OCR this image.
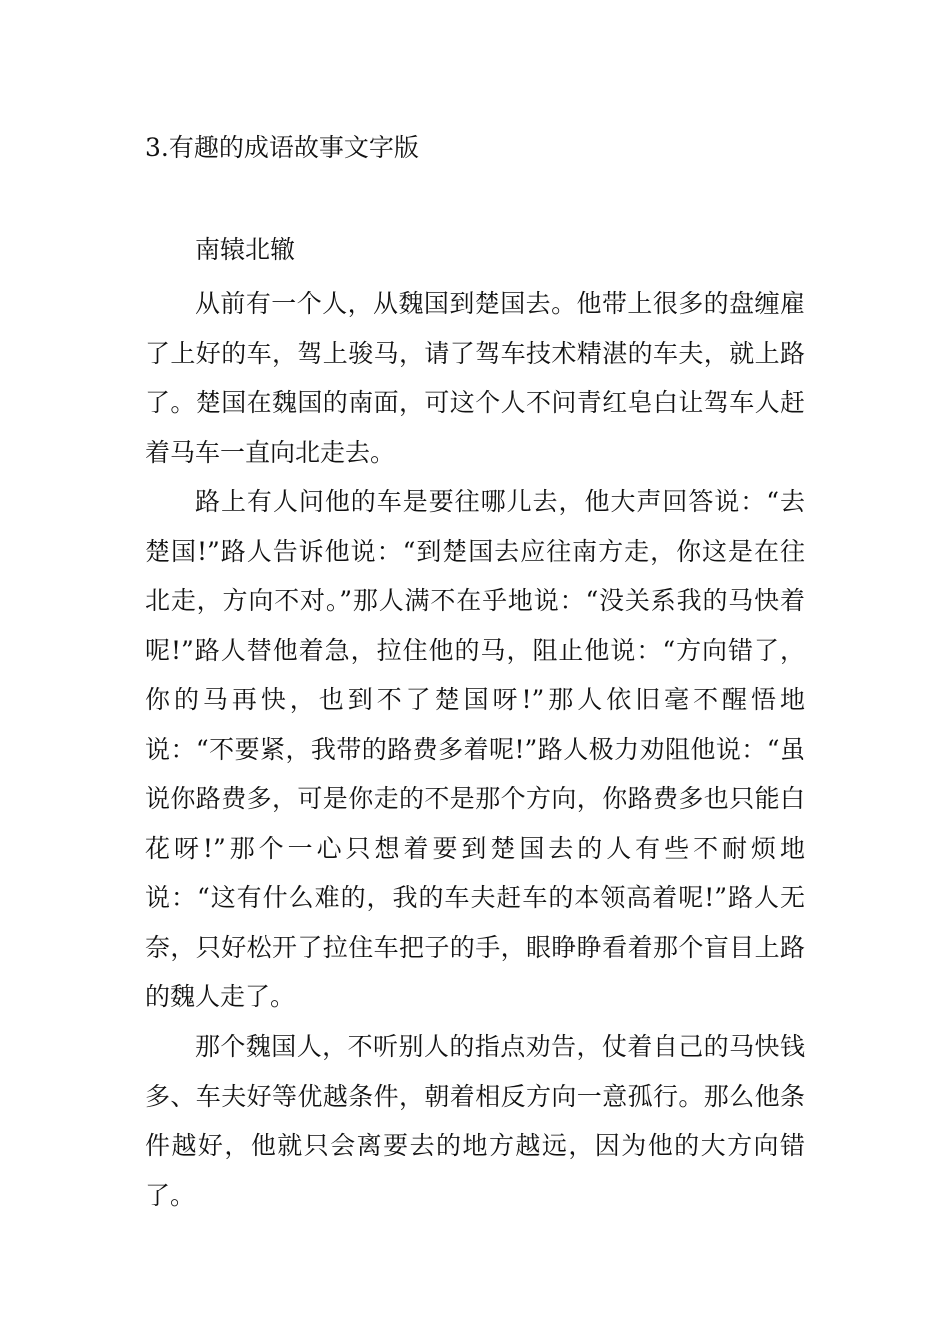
3.有趣的成语故事文字版
南辕北辙

从前有一个人，从魏国到楚国去。他带上很多的盘缠雇了上好的车，驾上骏马，请了驾车技术精湛的车夫，就上路了。楚国在魏国的南面，可这个人不问青红皂白让驾车人赶着马车一直向北走去。

路上有人问他的车是要往哪儿去，他大声回答说：“去楚国!”路人告诉他说：“到楚国去应往南方走，你这是在往北走，方向不对。”那人满不在乎地说：“没关系我的马快着呢!”路人替他着急，拉住他的马，阻止他说：“方向错了，你的马再快，也到不了楚国呀!”那人依旧毫不醒悟地说：“不要紧，我带的路费多着呢!”路人极力劝阻他说：“虽说你路费多，可是你走的不是那个方向，你路费多也只能白花呀!”那个一心只想着要到楚国去的人有些不耐烦地说：“这有什么难的，我的车夫赶车的本领高着呢!”路人无奈，只好松开了拉住车把子的手，眼睁睁看着那个盲目上路的魏人走了。

那个魏国人，不听别人的指点劝告，仗着自己的马快钱多、车夫好等优越条件，朝着相反方向一意孤行。那么他条件越好，他就只会离要去的地方越远，因为他的大方向错了。
